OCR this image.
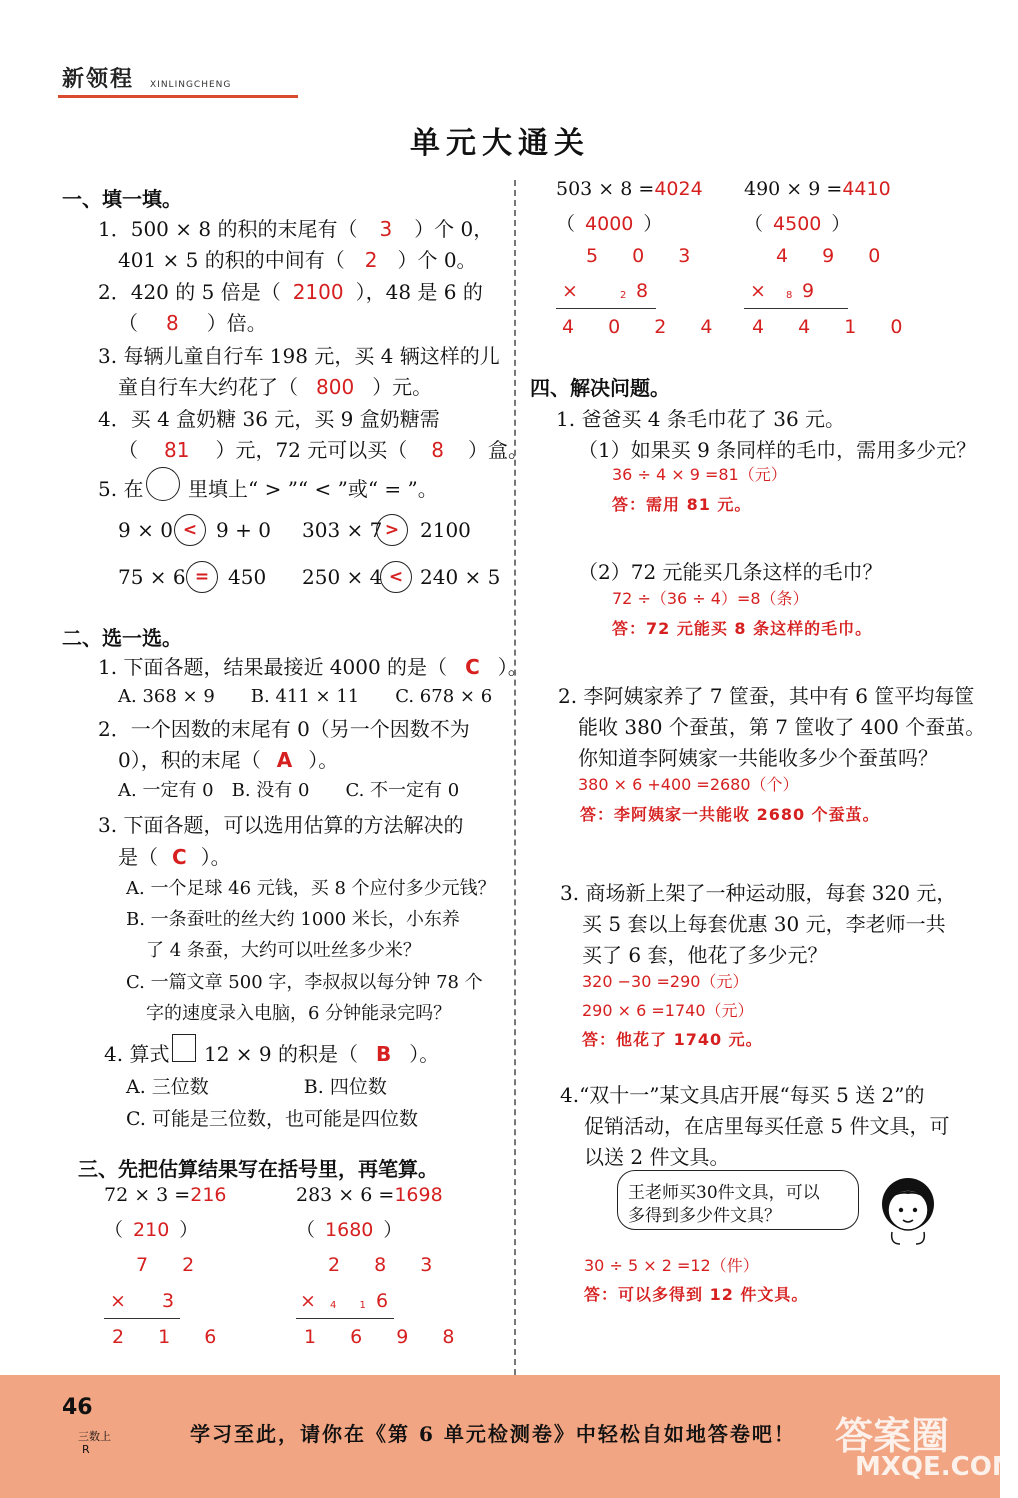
新领程 XINLINGCHENG
单元大通关
一、填一填。
1．500 × 8 的积的末尾有（ 3 ）个 0，
401 × 5 的积的中间有（ 2 ）个 0。
2．420 的 5 倍是（ 2100 ），48 是 6 的
（ 8 ）倍。
3. 每辆儿童自行车 198 元，买 4 辆这样的儿
童自行车大约花了（ 800 ）元。
4．买 4 盒奶糖 36 元，买 9 盒奶糖需
（ 81 ）元，72 元可以买（ 8 ）盒。
5. 在 里填上“ > ”“ < ”或“ = ”。
9 × 0 < 9 + 0 303 × 7 >	2100
75 × 6 = 450 250 × 4 < 240 × 5
二、选一选。
1. 下面各题，结果最接近 4000 的是（ C ）。
A. 368 × 9　　B. 411 × 11　　C. 678 × 6
2．一个因数的末尾有 0（另一个因数不为
0），积的末尾（ A ）。
A. 一定有 0　B. 没有 0　　C. 不一定有 0
3. 下面各题，可以选用估算的方法解决的
是（ C ）。
A. 一个足球 46 元钱，买 8 个应付多少元钱？
B. 一条蚕吐的丝大约 1000 米长，小东养
了 4 条蚕，大约可以吐丝多少米？
C. 一篇文章 500 字，李叔叔以每分钟 78 个
字的速度录入电脑，6 分钟能录完吗？
4. 算式 12 × 9 的积是（ B ）。
A. 三位数　　　　　B. 四位数
C. 可能是三位数，也可能是四位数
三、先把估算结果写在括号里，再笔算。
72 × 3 =216
（ 210 ）
7 2
× 3
2 1 6
283 × 6 =1698
（ 1680 ）
2 8 3
× 4 1 6
1 6 9 8
503 × 8 =4024
（ 4000 ）
5 0 3
×	2 8
4 0 2 4
490 × 9 =4410
（ 4500 ）
4 9 0
× 8 9
4 4 1 0
四、解决问题。
1. 爸爸买 4 条毛巾花了 36 元。
（1）如果买 9 条同样的毛巾，需用多少元？
36 ÷ 4 × 9 =81（元）
答：需用 81 元。
（2）72 元能买几条这样的毛巾？
72 ÷（36 ÷ 4）=8（条）
答：72 元能买 8 条这样的毛巾。
2. 李阿姨家养了 7 筐蚕，其中有 6 筐平均每筐
能收 380 个蚕茧，第 7 筐收了 400 个蚕茧。
你知道李阿姨家一共能收多少个蚕茧吗？
380 × 6 +400 =2680（个）
答：李阿姨家一共能收 2680 个蚕茧。
3. 商场新上架了一种运动服，每套 320 元，
买 5 套以上每套优惠 30 元，李老师一共
买了 6 套，他花了多少元？
320 −30 =290（元）
290 × 6 =1740（元）
答：他花了 1740 元。
4.“双十一”某文具店开展“每买 5 送 2”的
促销活动，在店里每买任意 5 件文具，可
以送 2 件文具。
王老师买30件文具，可以
多得到多少件文具？
30 ÷ 5 × 2 =12（件）
答：可以多得到 12 件文具。
46
三数上
R
学习至此，请你在《第 6 单元检测卷》中轻松自如地答卷吧！ 答案圈
MXQE.COM
